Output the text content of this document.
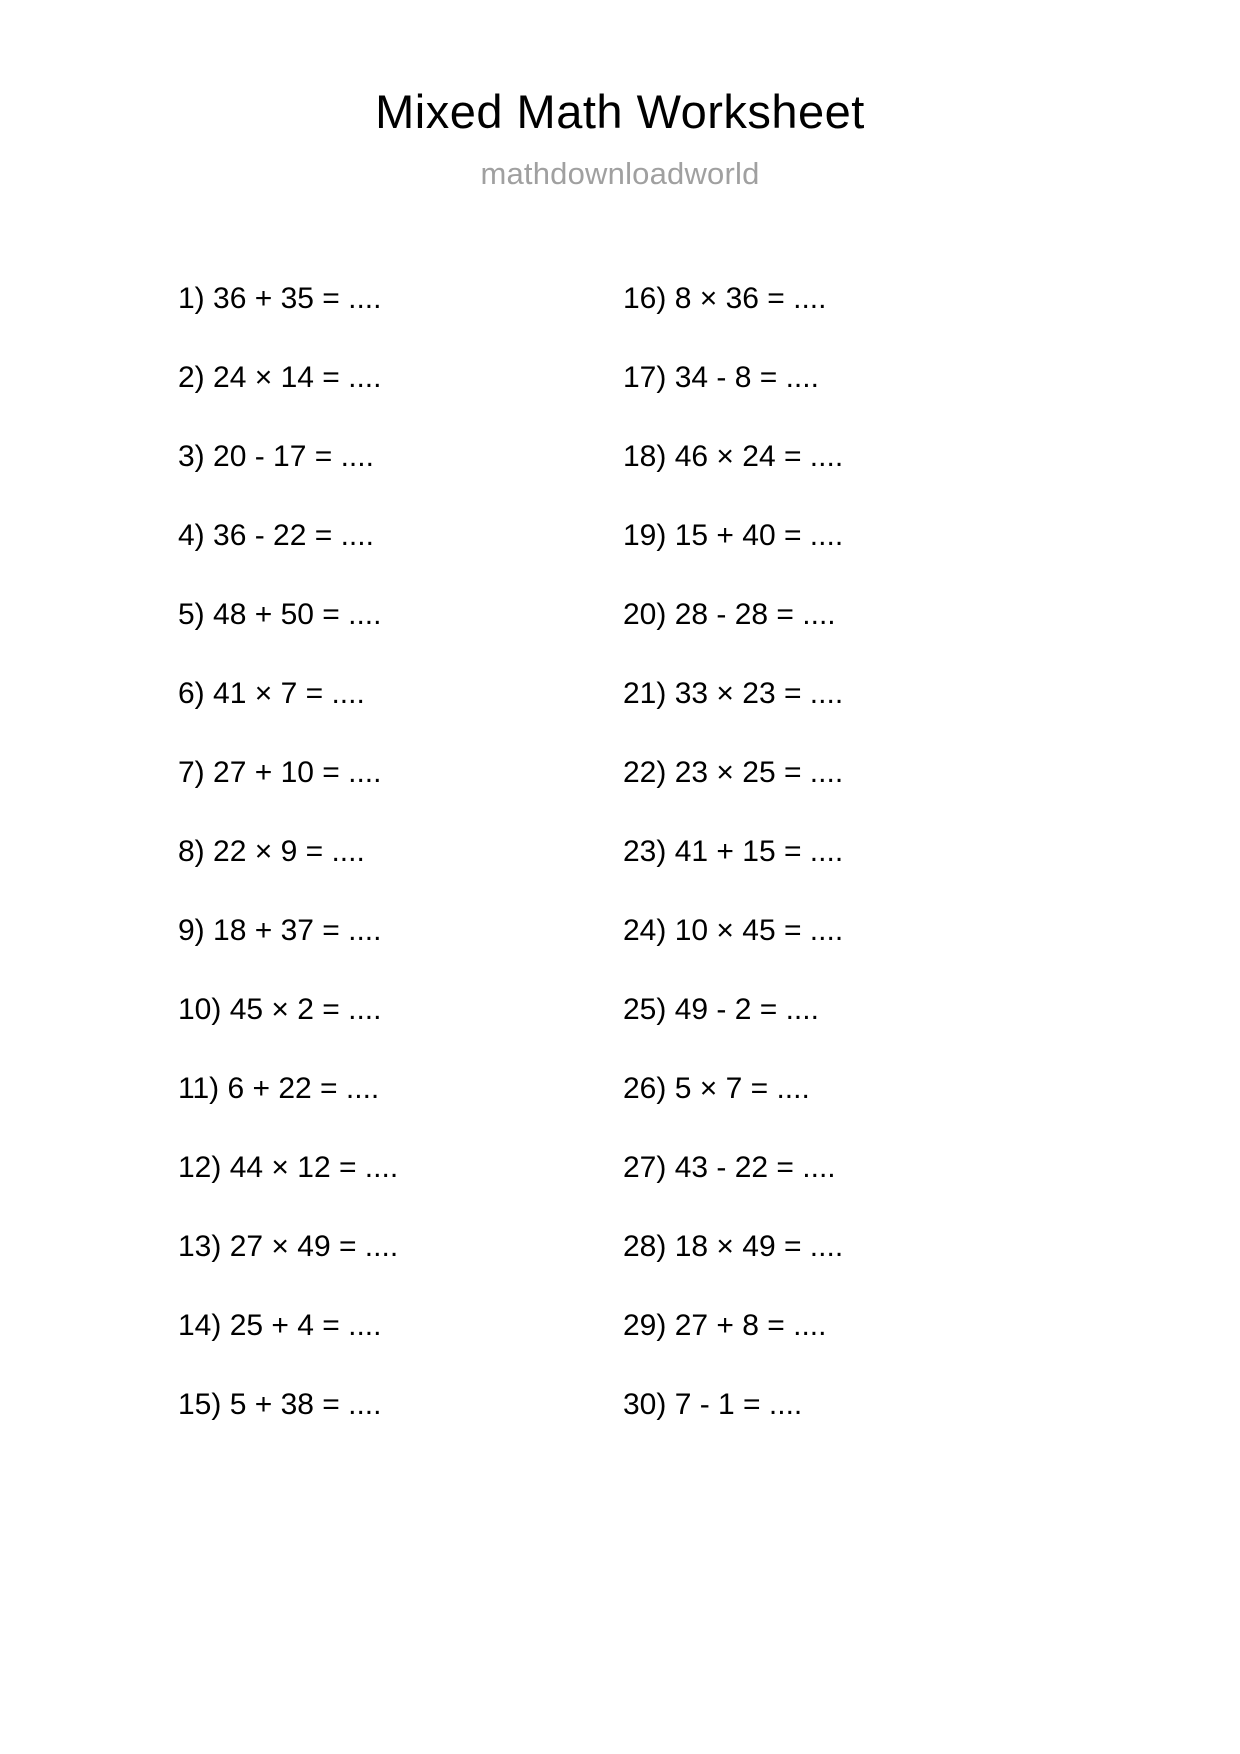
Mixed Math Worksheet
mathdownloadworld
1) 36 + 35 = ....
2) 24 × 14 = ....
3) 20 - 17 = ....
4) 36 - 22 = ....
5) 48 + 50 = ....
6) 41 × 7 = ....
7) 27 + 10 = ....
8) 22 × 9 = ....
9) 18 + 37 = ....
10) 45 × 2 = ....
11) 6 + 22 = ....
12) 44 × 12 = ....
13) 27 × 49 = ....
14) 25 + 4 = ....
15) 5 + 38 = ....
16) 8 × 36 = ....
17) 34 - 8 = ....
18) 46 × 24 = ....
19) 15 + 40 = ....
20) 28 - 28 = ....
21) 33 × 23 = ....
22) 23 × 25 = ....
23) 41 + 15 = ....
24) 10 × 45 = ....
25) 49 - 2 = ....
26) 5 × 7 = ....
27) 43 - 22 = ....
28) 18 × 49 = ....
29) 27 + 8 = ....
30) 7 - 1 = ....
